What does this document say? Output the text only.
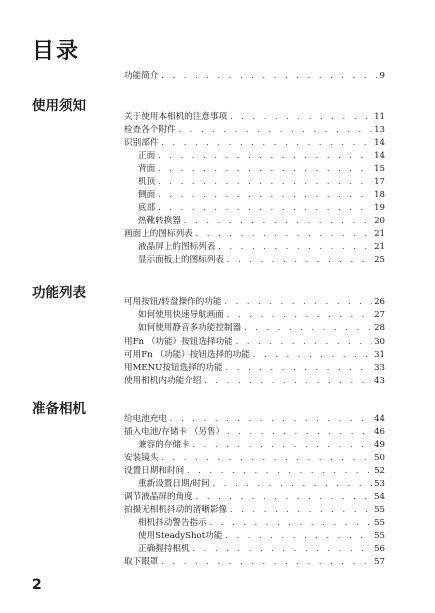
目录
功能简介 . . .	9
使用须知
关于使用本相机的注意事项 . . .	11
检查各个附件 . . .	13
识别部件 . . .	14
正面 . . .	14
背面 . . .	15
机顶 . . .	17
侧面 . . .	18
底部 . . .	19
热靴转换器 . . .	20
画面上的图标列表 . . .	21
液晶屏上的图标列表 . . .	21
显示面板上的图标列表 . . .	25
功能列表
可用按钮/转盘操作的功能 . . .	26
如何使用快速导航画面 . . .	27
如何使用静音多功能控制器 . . .	28
用Fn （功能）按钮选择功能 . . .	30
可用Fn （功能）按钮选择的功能 . . .	31
用MENU按钮选择的功能 . . .	33
使用相机内功能介绍 . . .	43
准备相机
给电池充电 . . .	44
插入电池/存储卡 （另售） . . .	46
兼容的存储卡 . . .	49
安装镜头 . . .	50
设置日期和时间 . . .	52
重新设置日期/时间 . . .	53
调节液晶屏的角度 . . .	54
拍摄无相机抖动的清晰影像 . . .	55
相机抖动警告指示 . . .	55
使用SteadyShot功能 . . .	55
正确握持相机 . . .	56
取下眼罩 . . .	57
2
